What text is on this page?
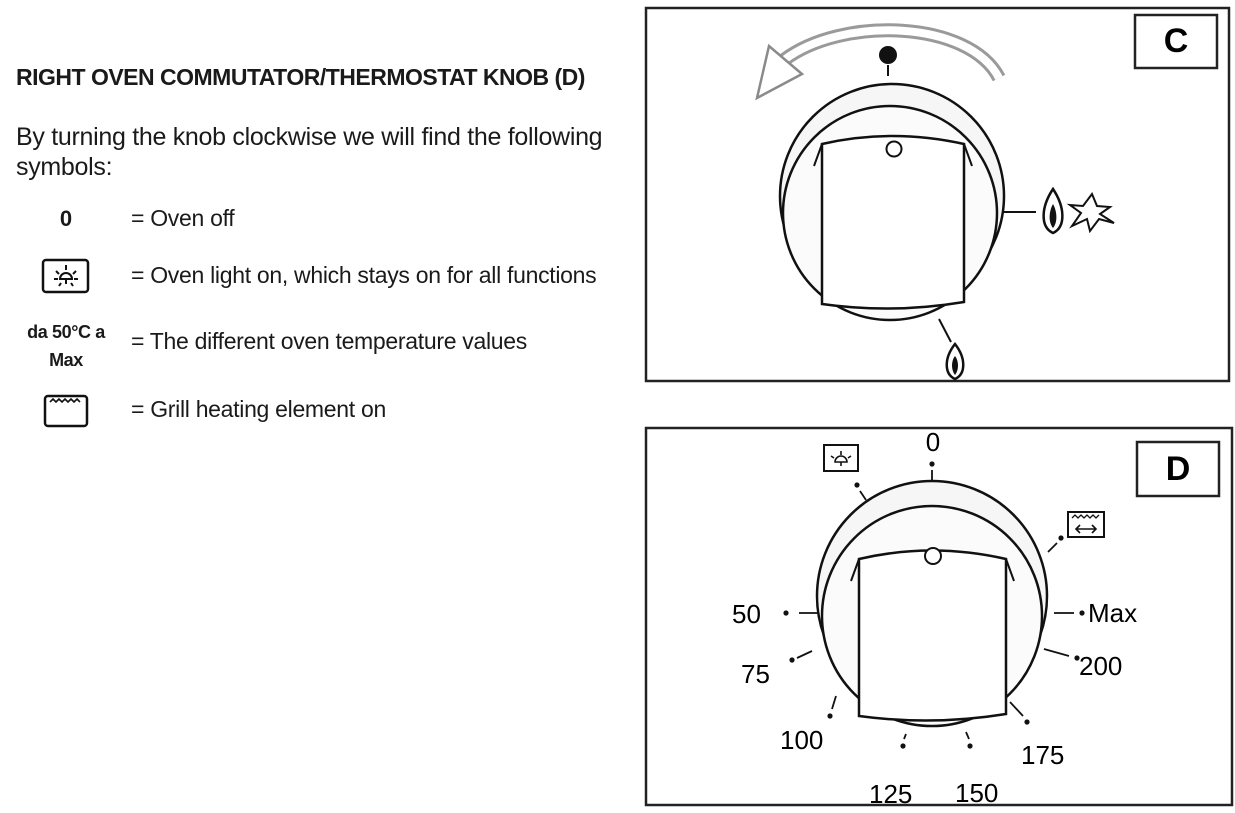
RIGHT OVEN COMMUTATOR/THERMOSTAT KNOB (D)
By turning the knob clockwise we will find the following symbols:
0	= Oven off
= Oven light on, which stays on for all functions
da 50°C a
Max
= The different oven temperature values
= Grill heating element on
C
D
0
50
75
100
125 150
175
200
Max
